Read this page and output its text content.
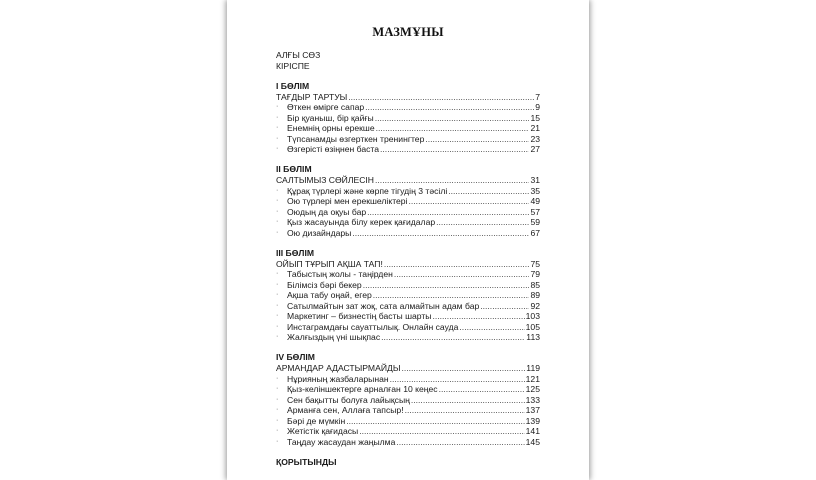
МАЗМҰНЫ
АЛҒЫ СӨЗ
КІРІСПЕ
I БӨЛІМ
ТАҒДЫР ТАРТУЫ .....	7
·	Өткен өмірге сапар .....	9
·	Бір қуаныш, бір қайғы .....	15
·	Енемнің орны ерекше .....	21
·	Түпсанамды өзгерткен тренингтер .....	23
·	Өзгерісті өзіңнен баста .....	27
II БӨЛІМ
САЛТЫМЫЗ СӨЙЛЕСІН .....	31
·	Құрақ түрлері және көрпе тігудің 3 тәсілі .....	35
·	Ою түрлері мен ерекшеліктері .....	49
·	Оюдың да оқуы бар .....	57
·	Қыз жасауында білу керек қағидалар .....	59
·	Ою дизайндары .....	67
III БӨЛІМ
ОЙЫП ТҰРЫП АҚША ТАП! .....	75
·	Табыстың жолы - таңірден .....	79
·	Білімсіз бәрі бекер .....	85
·	Ақша табу оңай, егер .....	89
·	Сатылмайтын зат жоқ, сата алмайтын адам бар .....	92
·	Маркетинг – бизнестің басты шарты .....	103
·	Инстаграмдағы сауаттылық. Онлайн сауда .....	105
·	Жалғыздың үні шықпас .....	113
IV БӨЛІМ
АРМАНДАР АДАСТЫРМАЙДЫ .....	119
·	Нұрияның жазбаларынан .....	121
·	Қыз-келіншектерге арналған 10 кеңес .....	125
·	Сен бақытты болуға лайықсың .....	133
·	Арманға сен, Аллаға тапсыр! .....	137
·	Бәрі де мүмкін .....	139
·	Жетістік қағидасы .....	141
·	Таңдау жасаудан жаңылма .....	145
ҚОРЫТЫНДЫ
